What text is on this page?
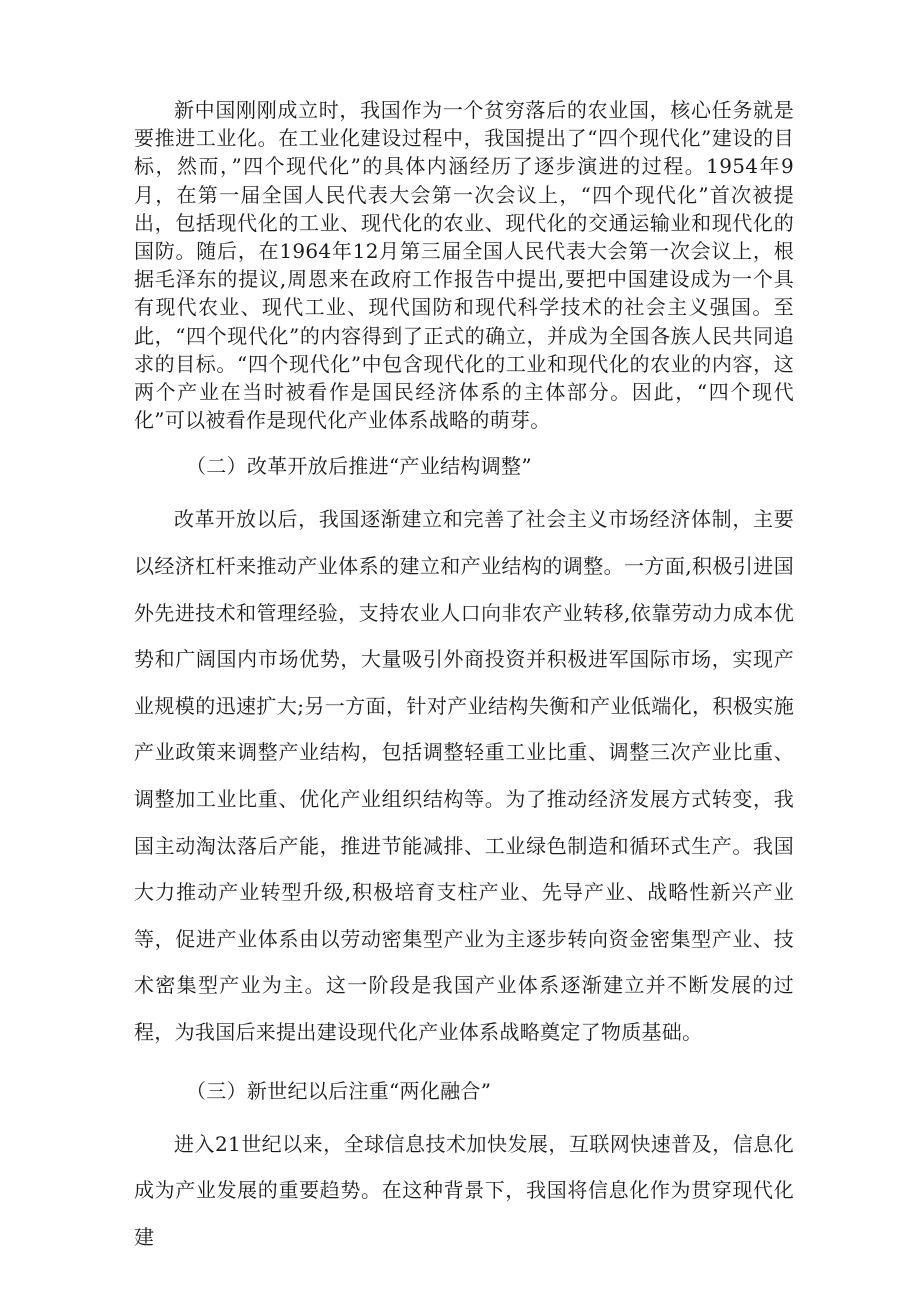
新中国刚刚成立时，我国作为一个贫穷落后的农业国，核心任务就是要推进工业化。在工业化建设过程中，我国提出了“四个现代化”建设的目标，然而，”四个现代化”的具体内涵经历了逐步演进的过程。1954年9月，在第一届全国人民代表大会第一次会议上，“四个现代化”首次被提出，包括现代化的工业、现代化的农业、现代化的交通运输业和现代化的国防。随后，在1964年12月第三届全国人民代表大会第一次会议上，根据毛泽东的提议,周恩来在政府工作报告中提出,要把中国建设成为一个具有现代农业、现代工业、现代国防和现代科学技术的社会主义强国。至此，“四个现代化”的内容得到了正式的确立，并成为全国各族人民共同追求的目标。“四个现代化”中包含现代化的工业和现代化的农业的内容，这两个产业在当时被看作是国民经济体系的主体部分。因此，“四个现代化”可以被看作是现代化产业体系战略的萌芽。

（二）改革开放后推进“产业结构调整”

改革开放以后，我国逐渐建立和完善了社会主义市场经济体制，主要以经济杠杆来推动产业体系的建立和产业结构的调整。一方面,积极引进国外先进技术和管理经验，支持农业人口向非农产业转移,依靠劳动力成本优势和广阔国内市场优势，大量吸引外商投资并积极进军国际市场，实现产业规模的迅速扩大;另一方面，针对产业结构失衡和产业低端化，积极实施产业政策来调整产业结构，包括调整轻重工业比重、调整三次产业比重、调整加工业比重、优化产业组织结构等。为了推动经济发展方式转变，我国主动淘汰落后产能，推进节能减排、工业绿色制造和循环式生产。我国大力推动产业转型升级,积极培育支柱产业、先导产业、战略性新兴产业等，促进产业体系由以劳动密集型产业为主逐步转向资金密集型产业、技术密集型产业为主。这一阶段是我国产业体系逐渐建立并不断发展的过程，为我国后来提出建设现代化产业体系战略奠定了物质基础。

（三）新世纪以后注重“两化融合”

进入21世纪以来，全球信息技术加快发展，互联网快速普及，信息化成为产业发展的重要趋势。在这种背景下，我国将信息化作为贯穿现代化建
